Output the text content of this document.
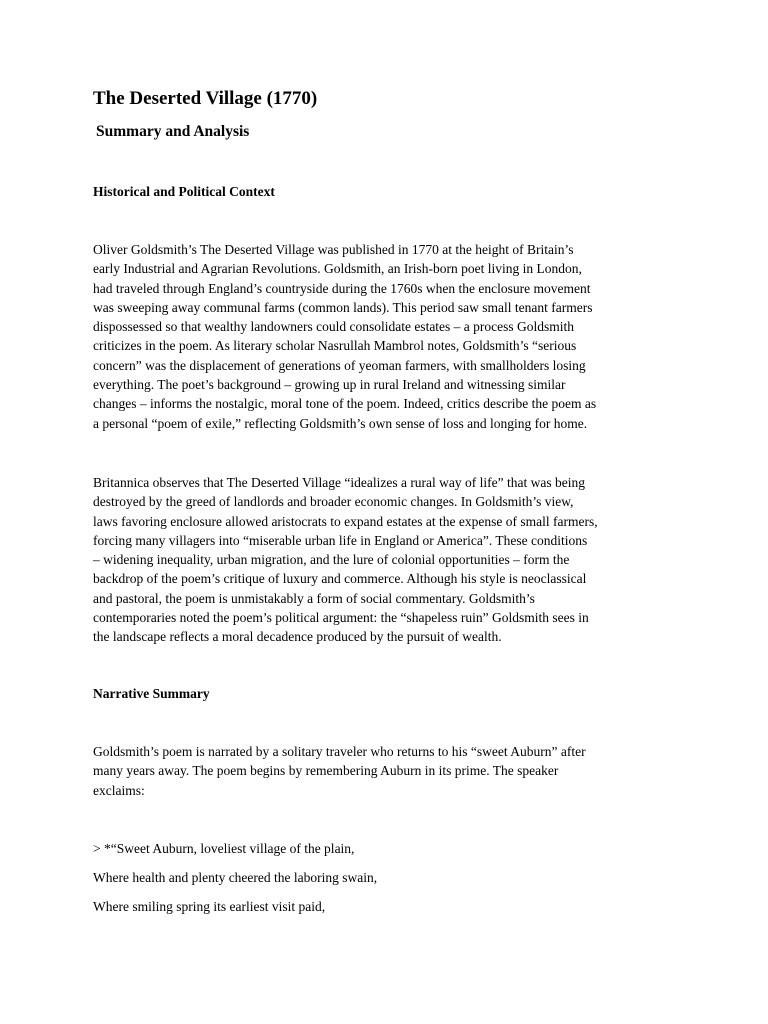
The Deserted Village (1770)
Summary and Analysis
Historical and Political Context

Oliver Goldsmith’s The Deserted Village was published in 1770 at the height of Britain’s
early Industrial and Agrarian Revolutions. Goldsmith, an Irish-born poet living in London,
had traveled through England’s countryside during the 1760s when the enclosure movement
was sweeping away communal farms (common lands). This period saw small tenant farmers
dispossessed so that wealthy landowners could consolidate estates – a process Goldsmith
criticizes in the poem. As literary scholar Nasrullah Mambrol notes, Goldsmith’s “serious
concern” was the displacement of generations of yeoman farmers, with smallholders losing
everything. The poet’s background – growing up in rural Ireland and witnessing similar
changes – informs the nostalgic, moral tone of the poem. Indeed, critics describe the poem as
a personal “poem of exile,” reflecting Goldsmith’s own sense of loss and longing for home.

Britannica observes that The Deserted Village “idealizes a rural way of life” that was being
destroyed by the greed of landlords and broader economic changes. In Goldsmith’s view,
laws favoring enclosure allowed aristocrats to expand estates at the expense of small farmers,
forcing many villagers into “miserable urban life in England or America”. These conditions
– widening inequality, urban migration, and the lure of colonial opportunities – form the
backdrop of the poem’s critique of luxury and commerce. Although his style is neoclassical
and pastoral, the poem is unmistakably a form of social commentary. Goldsmith’s
contemporaries noted the poem’s political argument: the “shapeless ruin” Goldsmith sees in
the landscape reflects a moral decadence produced by the pursuit of wealth.

Narrative Summary

Goldsmith’s poem is narrated by a solitary traveler who returns to his “sweet Auburn” after
many years away. The poem begins by remembering Auburn in its prime. The speaker
exclaims:

> *“Sweet Auburn, loveliest village of the plain,

Where health and plenty cheered the laboring swain,

Where smiling spring its earliest visit paid,
